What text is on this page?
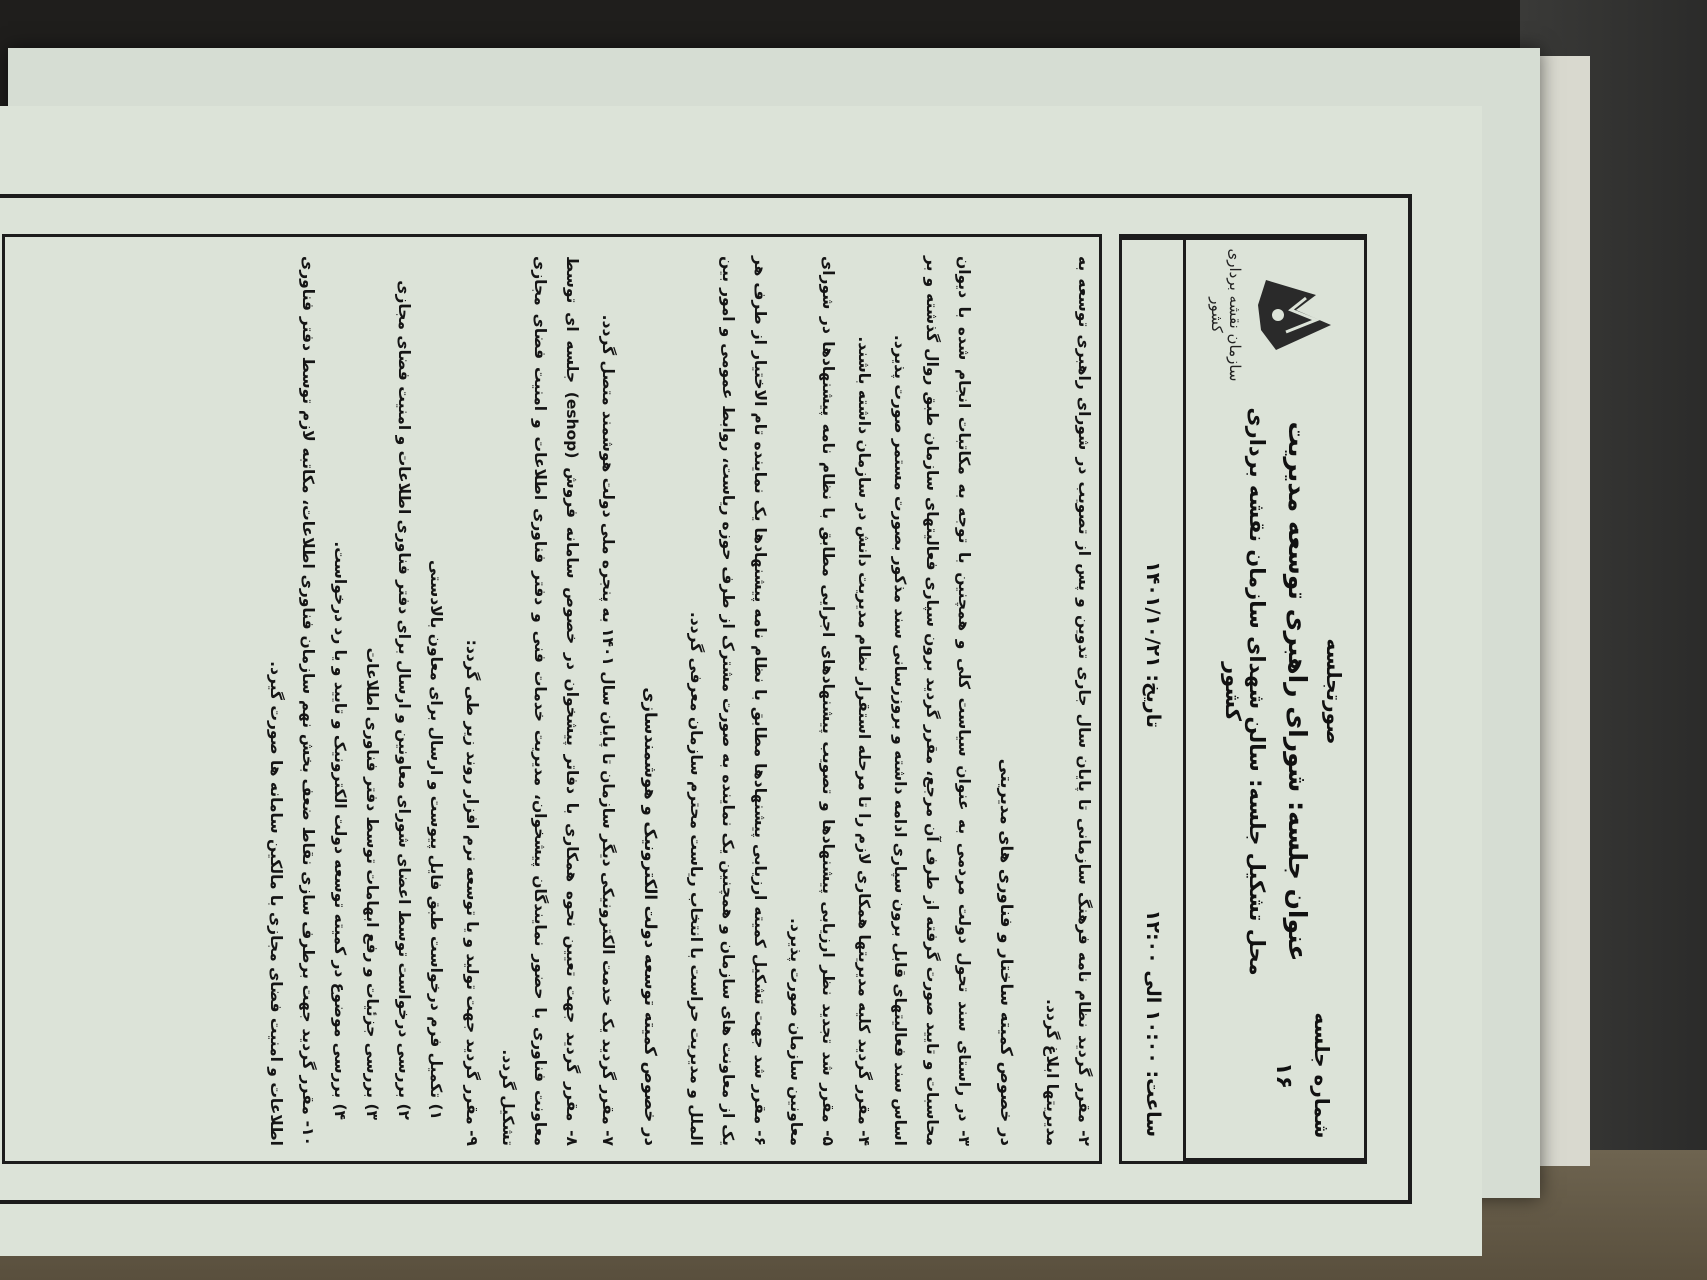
شماره جلسه
۱۶
صورتجلسه
عنوان جلسه: شورای راهبری توسعه مدیریت
محل تشکیل جلسه: سالن شهدای سازمان نقشه برداری کشور
سازمان نقشه برداری کشور
ساعت: ۱۰:۰۰ الی ۱۲:۰۰
تاریخ: ۱۴۰۱/۱۰/۲۱

۲- مقرر گردید نظام نامه فرهنگ سازمانی تا پایان سال جاری تدوین و پس از تصویب در شورای راهبری توسعه به مدیریتها ابلاغ گردد.

در خصوص کمیته ساختار و فناوری های مدیریتی

۳- در راستای سند تحول دولت مردمی به عنوان سیاست کلی و همچنین با توجه به مکاتبات انجام شده با دیوان محاسبات و تایید صورت گرفته از طرف آن مرجع، مقرر گردید برون سپاری فعالیتهای سازمان طبق روال گذشته و بر اساس سند فعالیتهای قابل برون سپاری ادامه داشته و بروزرسانی سند مذکور بصورت مستمر صورت پذیرد.

۴- مقرر گردید کلیه مدیریتها همکاری لازم را تا مرحله استقرار نظام مدیریت دانش در سازمان داشته باشند.

۵- مقرر شد تجدید نظر ارزیابی پیشنهادها و تصویب پیشنهادهای اجرایی مطابق با نظام نامه پیشنهادها در شورای معاونین سازمان صورت پذیرد.

۶- مقرر شد جهت تشکیل کمیته ارزیابی پیشنهادها مطابق با نظام نامه پیشنهادها یک نماینده تام الاختیار از طرف هر یک از معاونت های سازمان و همچنین یک نماینده به صورت مشترک از طرف حوزه ریاست، روابط عمومی و امور بین الملل و مدیریت حراست با انتخاب ریاست محترم سازمان معرفی گردد.

در خصوص کمیته توسعه دولت الکترونیک و هوشمندسازی

۷- مقرر گردید یک خدمت الکترونیکی دیگر سازمان تا پایان سال ۱۴۰۱ به پنجره ملی دولت هوشمند متصل گردد.

۸- مقرر گردید جهت تعیین نحوه همکاری با دفاتر پیشخوان در خصوص سامانه فروش (eshop) جلسه ای توسط معاونت فناوری با حضور نمایندگان پیشخوان، مدیریت خدمات فنی و دفتر فناوری اطلاعات و امنیت فضای مجازی تشکیل گردد.

۹- مقرر گردید جهت تولید و یا توسعه نرم افزار روند زیر طی گردد:

۱) تکمیل فرم درخواست طبق فایل پیوست و ارسال برای معاون بالادستی

۲) بررسی درخواست توسط اعضای شورای معاونین و ارسال برای دفتر فناوری اطلاعات و امنیت فضای مجازی

۳) بررسی جزئیات و رفع ابهامات توسط دفتر فناوری اطلاعات

۴) بررسی موضوع در کمیته توسعه دولت الکترونیک و تایید و یا رد درخواست.

۱۰- مقرر گردید جهت برطرف سازی نقاط ضعف بخش نهم سازمان فناوری اطلاعات، مکاتبه لازم توسط دفتر فناوری اطلاعات و امنیت فضای مجازی با مالکین سامانه ها صورت گیرد.
